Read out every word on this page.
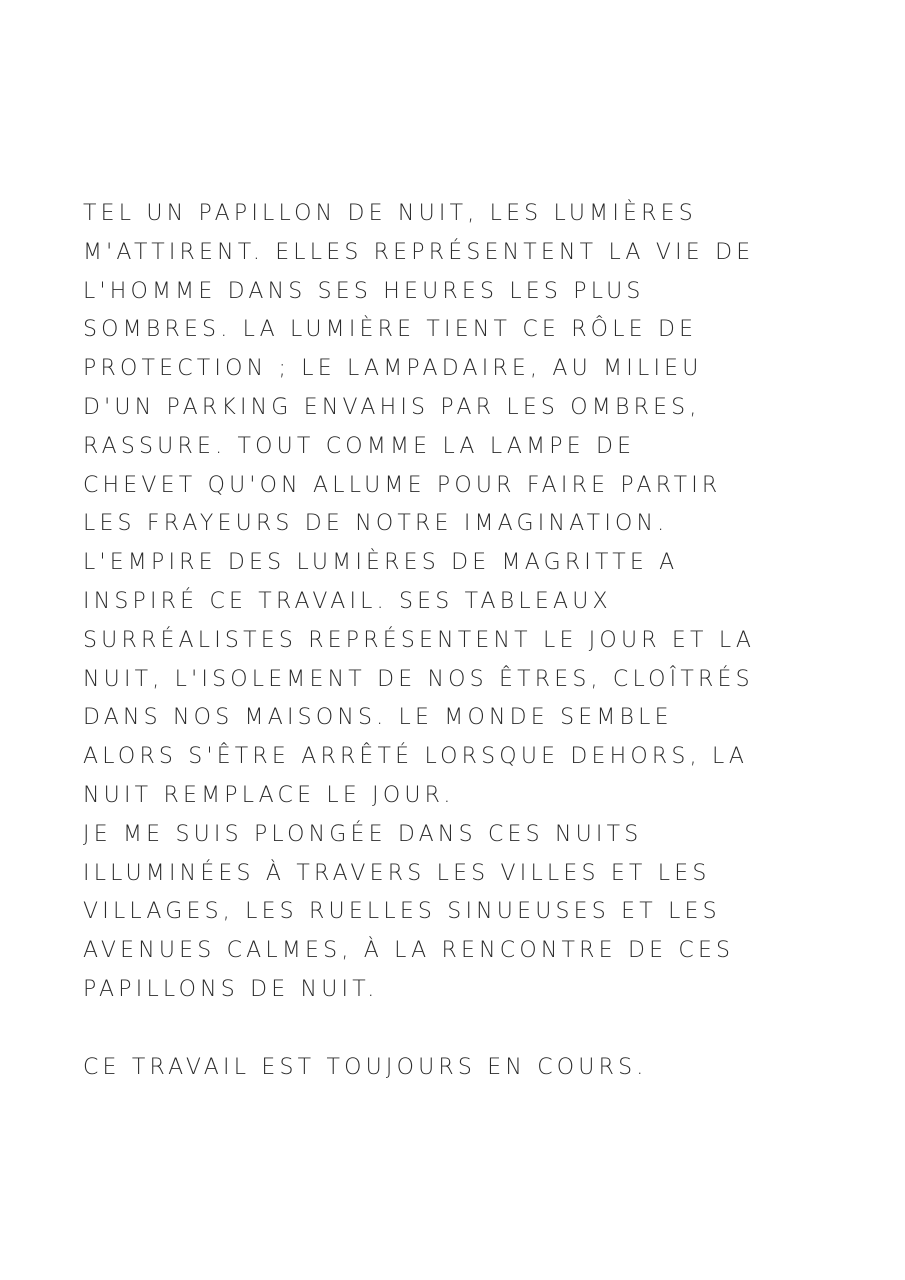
TEL UN PAPILLON DE NUIT, LES LUMIÈRES
M'ATTIRENT. ELLES REPRÉSENTENT LA VIE DE
L'HOMME DANS SES HEURES LES PLUS
SOMBRES. LA LUMIÈRE TIENT CE RÔLE DE
PROTECTION ; LE LAMPADAIRE, AU MILIEU
D'UN PARKING ENVAHIS PAR LES OMBRES,
RASSURE. TOUT COMME LA LAMPE DE
CHEVET QU'ON ALLUME POUR FAIRE PARTIR
LES FRAYEURS DE NOTRE IMAGINATION.
L'EMPIRE DES LUMIÈRES DE MAGRITTE A
INSPIRÉ CE TRAVAIL. SES TABLEAUX
SURRÉALISTES REPRÉSENTENT LE JOUR ET LA
NUIT, L'ISOLEMENT DE NOS ÊTRES, CLOÎTRÉS
DANS NOS MAISONS. LE MONDE SEMBLE
ALORS S'ÊTRE ARRÊTÉ LORSQUE DEHORS, LA
NUIT REMPLACE LE JOUR.
JE ME SUIS PLONGÉE DANS CES NUITS
ILLUMINÉES À TRAVERS LES VILLES ET LES
VILLAGES, LES RUELLES SINUEUSES ET LES
AVENUES CALMES, À LA RENCONTRE DE CES
PAPILLONS DE NUIT.
CE TRAVAIL EST TOUJOURS EN COURS.
